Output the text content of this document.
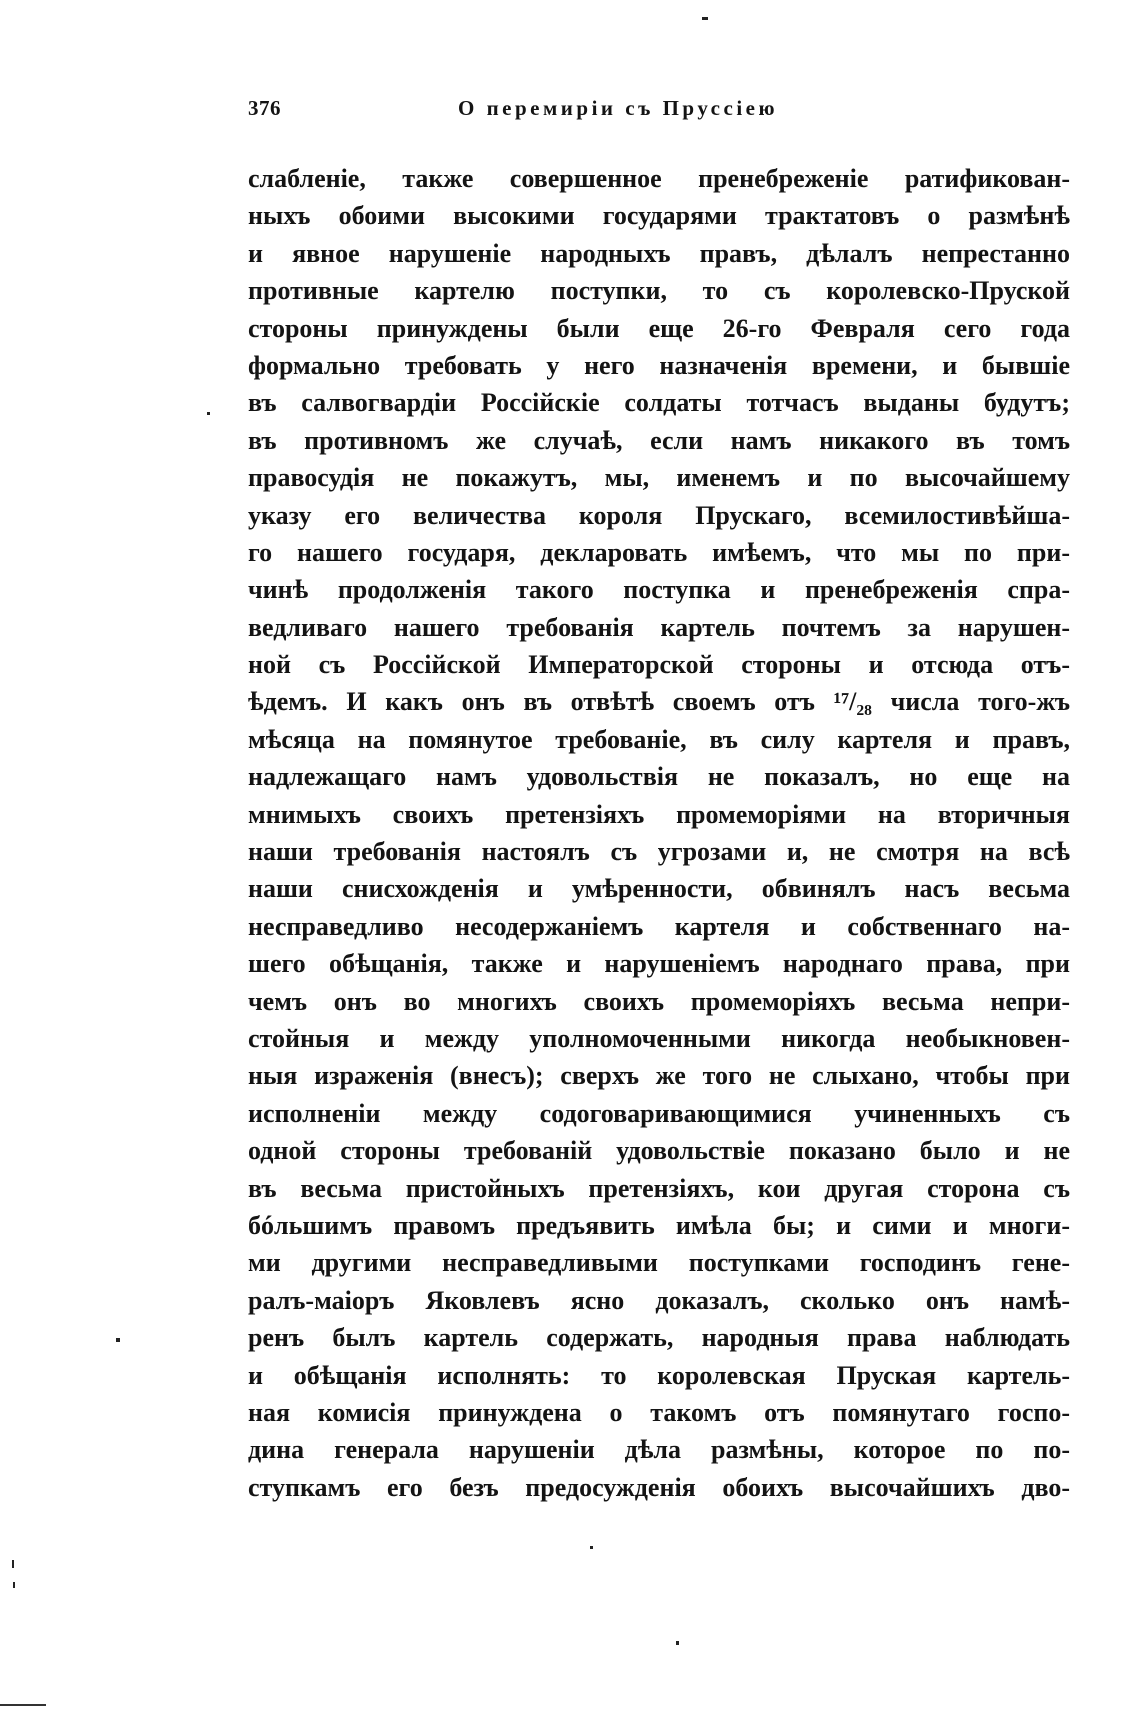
376	О перемирiи съ Пруссiею
слабленiе, также совершенное пренебреженiе ратификован-
ныхъ обоими высокими государями трактатовъ о размѣнѣ
и явное нарушенiе народныхъ правъ, дѣлалъ непрестанно
противные картелю поступки, то съ королевско-Пруской
стороны принуждены были еще 26-го Февраля сего года
формально требовать у него назначенiя времени, и бывшiе
въ салвогвардiи Россiйскiе солдаты тотчасъ выданы будутъ;
въ противномъ же случаѣ, если намъ никакого въ томъ
правосудiя не покажутъ, мы, именемъ и по высочайшему
указу его величества короля Прускаго, всемилостивѣйша-
го нашего государя, декларовать имѣемъ, что мы по при-
чинѣ продолженiя такого поступка и пренебреженiя спра-
ведливаго нашего требованiя картель почтемъ за нарушен-
ной съ Россiйской Императорской стороны и отсюда отъ-
ѣдемъ. И какъ онъ въ отвѣтѣ своемъ отъ ¹⁷/₂₈ числа того-жъ
мѣсяца на помянутое требованiе, въ силу картеля и правъ,
надлежащаго намъ удовольствiя не показалъ, но еще на
мнимыхъ своихъ претензiяхъ промеморiями на вторичныя
наши требованiя настоялъ съ угрозами и, не смотря на всѣ
наши снисхожденiя и умѣренности, обвинялъ насъ весьма
несправедливо несодержанiемъ картеля и собственнаго на-
шего обѣщанiя, также и нарушенiемъ народнаго права, при
чемъ онъ во многихъ своихъ промеморiяхъ весьма непри-
стойныя и между уполномоченными никогда необыкновен-
ныя израженiя (внесъ); сверхъ же того не слыхано, чтобы при
исполненiи между содоговаривающимися учиненныхъ съ
одной стороны требованiй удовольствiе показано было и не
въ весьма пристойныхъ претензiяхъ, кои другая сторона съ
бóльшимъ правомъ предъявить имѣла бы; и сими и многи-
ми другими несправедливыми поступками господинъ гене-
ралъ-маiоръ Яковлевъ ясно доказалъ, сколько онъ намѣ-
ренъ былъ картель содержать, народныя права наблюдать
и обѣщанiя исполнять: то королевская Пруская картель-
ная комисiя принуждена о такомъ отъ помянутаго госпо-
дина генерала нарушенiи дѣла размѣны, которое по по-
ступкамъ его безъ предосужденiя обоихъ высочайшихъ дво-
